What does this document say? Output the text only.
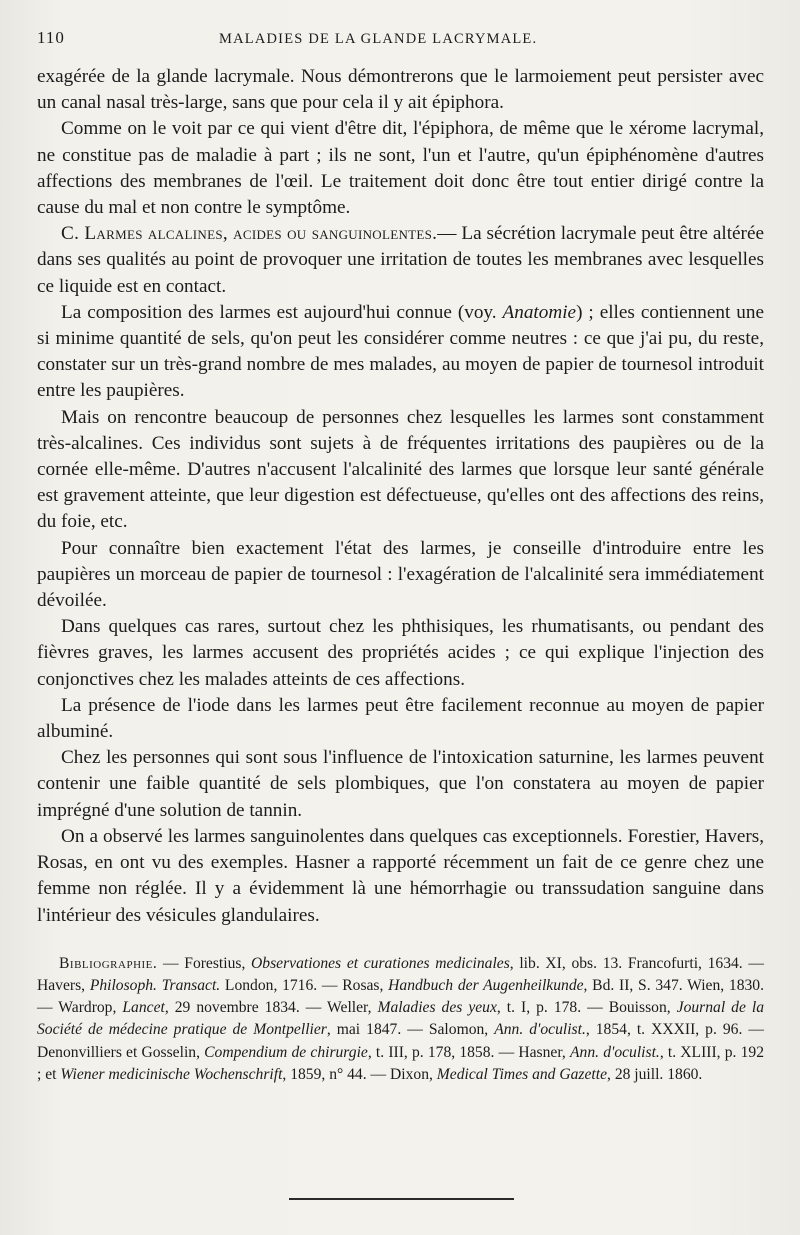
110	MALADIES DE LA GLANDE LACRYMALE.

exagérée de la glande lacrymale. Nous démontrerons que le larmoiement peut persister avec un canal nasal très-large, sans que pour cela il y ait épiphora.

Comme on le voit par ce qui vient d'être dit, l'épiphora, de même que le xérome lacrymal, ne constitue pas de maladie à part ; ils ne sont, l'un et l'autre, qu'un épiphénomène d'autres affections des membranes de l'œil. Le traitement doit donc être tout entier dirigé contre la cause du mal et non contre le symptôme.

C. Larmes alcalines, acides ou sanguinolentes.— La sécrétion lacrymale peut être altérée dans ses qualités au point de provoquer une irritation de toutes les membranes avec lesquelles ce liquide est en contact.

La composition des larmes est aujourd'hui connue (voy. Anatomie) ; elles contiennent une si minime quantité de sels, qu'on peut les considérer comme neutres : ce que j'ai pu, du reste, constater sur un très-grand nombre de mes malades, au moyen de papier de tournesol introduit entre les paupières.

Mais on rencontre beaucoup de personnes chez lesquelles les larmes sont constamment très-alcalines. Ces individus sont sujets à de fréquentes irritations des paupières ou de la cornée elle-même. D'autres n'accusent l'alcalinité des larmes que lorsque leur santé générale est gravement atteinte, que leur digestion est défectueuse, qu'elles ont des affections des reins, du foie, etc.

Pour connaître bien exactement l'état des larmes, je conseille d'introduire entre les paupières un morceau de papier de tournesol : l'exagération de l'alcalinité sera immédiatement dévoilée.

Dans quelques cas rares, surtout chez les phthisiques, les rhumatisants, ou pendant des fièvres graves, les larmes accusent des propriétés acides ; ce qui explique l'injection des conjonctives chez les malades atteints de ces affections.

La présence de l'iode dans les larmes peut être facilement reconnue au moyen de papier albuminé.

Chez les personnes qui sont sous l'influence de l'intoxication saturnine, les larmes peuvent contenir une faible quantité de sels plombiques, que l'on constatera au moyen de papier imprégné d'une solution de tannin.

On a observé les larmes sanguinolentes dans quelques cas exceptionnels. Forestier, Havers, Rosas, en ont vu des exemples. Hasner a rapporté récemment un fait de ce genre chez une femme non réglée. Il y a évidemment là une hémorrhagie ou transsudation sanguine dans l'intérieur des vésicules glandulaires.

Bibliographie. — Forestius, Observationes et curationes medicinales, lib. XI, obs. 13. Francofurti, 1634. — Havers, Philosoph. Transact. London, 1716. — Rosas, Handbuch der Augenheilkunde, Bd. II, S. 347. Wien, 1830. — Wardrop, Lancet, 29 novembre 1834. — Weller, Maladies des yeux, t. I, p. 178. — Bouisson, Journal de la Société de médecine pratique de Montpellier, mai 1847. — Salomon, Ann. d'oculist., 1854, t. XXXII, p. 96. — Denonvilliers et Gosselin, Compendium de chirurgie, t. III, p. 178, 1858. — Hasner, Ann. d'oculist., t. XLIII, p. 192 ; et Wiener medicinische Wochenschrift, 1859, n° 44. — Dixon, Medical Times and Gazette, 28 juill. 1860.
